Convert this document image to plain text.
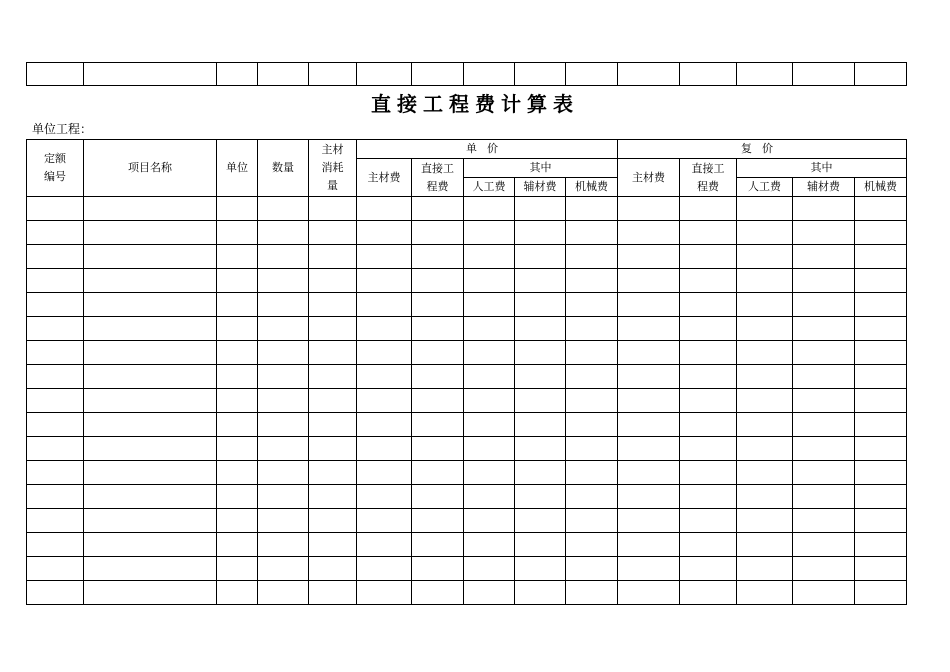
直接工程费计算表
单位工程：
定额编号	项目名称	单位	数量	主材消耗量	单价					复价				
					主材费	直接工程费	其中			主材费	直接工程费	其中		
							人工费	辅材费	机械费			人工费	辅材费	机械费
